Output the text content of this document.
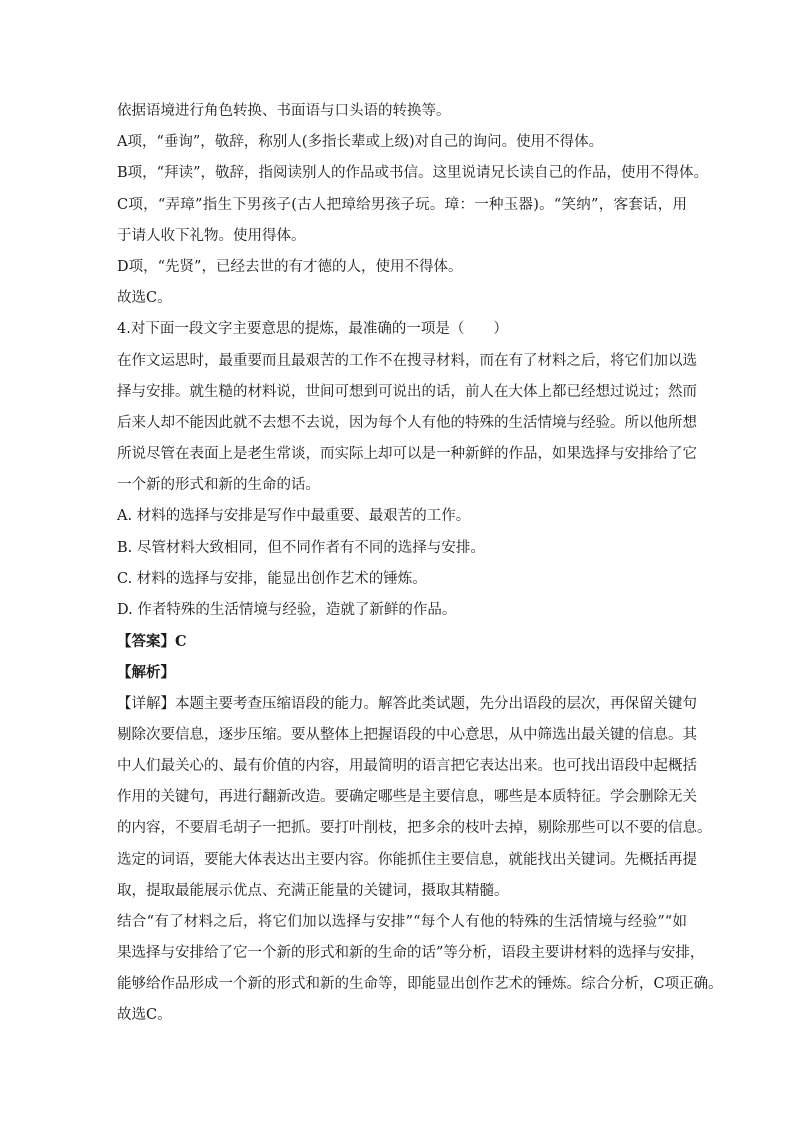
依据语境进行角色转换、书面语与口头语的转换等。
A项，“垂询”，敬辞，称别人(多指长辈或上级)对自己的询问。使用不得体。
B项，“拜读”，敬辞，指阅读别人的作品或书信。这里说请兄长读自己的作品，使用不得体。
C项，“弄璋”指生下男孩子(古人把璋给男孩子玩。璋：一种玉器)。“笑纳”，客套话，用
于请人收下礼物。使用得体。
D项，“先贤”，已经去世的有才德的人，使用不得体。
故选C。
4.对下面一段文字主要意思的提炼，最准确的一项是（　　）
在作文运思时，最重要而且最艰苦的工作不在搜寻材料，而在有了材料之后，将它们加以选
择与安排。就生糙的材料说，世间可想到可说出的话，前人在大体上都已经想过说过；然而
后来人却不能因此就不去想不去说，因为每个人有他的特殊的生活情境与经验。所以他所想
所说尽管在表面上是老生常谈，而实际上却可以是一种新鲜的作品，如果选择与安排给了它
一个新的形式和新的生命的话。
A. 材料的选择与安排是写作中最重要、最艰苦的工作。
B. 尽管材料大致相同，但不同作者有不同的选择与安排。
C. 材料的选择与安排，能显出创作艺术的锤炼。
D. 作者特殊的生活情境与经验，造就了新鲜的作品。
【答案】C
【解析】
【详解】本题主要考查压缩语段的能力。解答此类试题，先分出语段的层次，再保留关键句
剔除次要信息，逐步压缩。要从整体上把握语段的中心意思，从中筛选出最关键的信息。其
中人们最关心的、最有价值的内容，用最简明的语言把它表达出来。也可找出语段中起概括
作用的关键句，再进行翻新改造。要确定哪些是主要信息，哪些是本质特征。学会删除无关
的内容，不要眉毛胡子一把抓。要打叶削枝，把多余的枝叶去掉，剔除那些可以不要的信息。
选定的词语，要能大体表达出主要内容。你能抓住主要信息，就能找出关键词。先概括再提
取，提取最能展示优点、充满正能量的关键词，摄取其精髓。
结合“有了材料之后，将它们加以选择与安排”“每个人有他的特殊的生活情境与经验”“如
果选择与安排给了它一个新的形式和新的生命的话”等分析，语段主要讲材料的选择与安排，
能够给作品形成一个新的形式和新的生命等，即能显出创作艺术的锤炼。综合分析，C项正确。
故选C。
